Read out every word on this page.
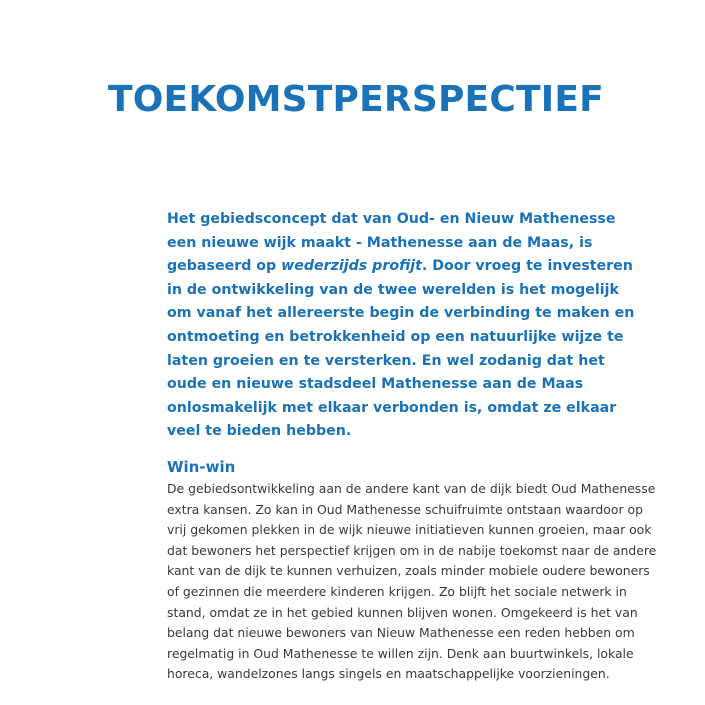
TOEKOMSTPERSPECTIEF

Het gebiedsconcept dat van Oud- en Nieuw Mathenesse een nieuwe wijk maakt - Mathenesse aan de Maas, is gebaseerd op wederzijds profijt. Door vroeg te investeren in de ontwikkeling van de twee werelden is het mogelijk om vanaf het allereerste begin de verbinding te maken en ontmoeting en betrokkenheid op een natuurlijke wijze te laten groeien en te versterken. En wel zodanig dat het oude en nieuwe stadsdeel Mathenesse aan de Maas onlosmakelijk met elkaar verbonden is, omdat ze elkaar veel te bieden hebben.

Win-win

De gebiedsontwikkeling aan de andere kant van de dijk biedt Oud Mathenesse extra kansen. Zo kan in Oud Mathenesse schuifruimte ontstaan waardoor op vrij gekomen plekken in de wijk nieuwe initiatieven kunnen groeien, maar ook dat bewoners het perspectief krijgen om in de nabije toekomst naar de andere kant van de dijk te kunnen verhuizen, zoals minder mobiele oudere bewoners of gezinnen die meerdere kinderen krijgen. Zo blijft het sociale netwerk in stand, omdat ze in het gebied kunnen blijven wonen. Omgekeerd is het van belang dat nieuwe bewoners van Nieuw Mathenesse een reden hebben om regelmatig in Oud Mathenesse te willen zijn. Denk aan buurtwinkels, lokale horeca, wandelzones langs singels en maatschappelijke voorzieningen.
